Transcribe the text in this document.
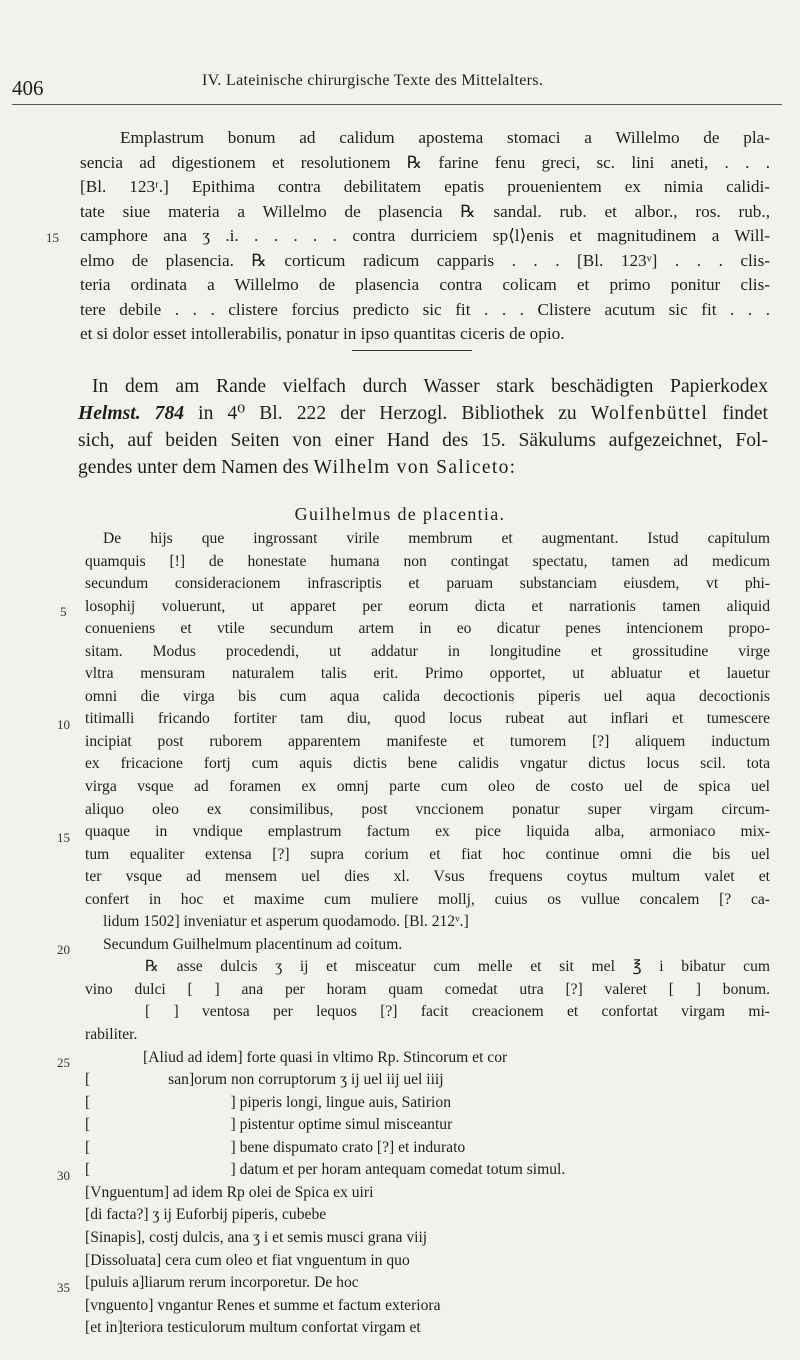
406	IV. Lateinische chirurgische Texte des Mittelalters.
Emplastrum bonum ad calidum apostema stomaci a Willelmo de pla-
sencia ad digestionem et resolutionem ℞ farine fenu greci, sc. lini aneti, . . .
[Bl. 123ʳ.] Epithima contra debilitatem epatis prouenientem ex nimia calidi-
tate siue materia a Willelmo de plasencia ℞ sandal. rub. et albor., ros. rub.,
camphore ana ʒ .i. . . . . . contra durriciem sp⟨l⟩enis et magnitudinem a Will-
elmo de plasencia. ℞ corticum radicum capparis . . . [Bl. 123ᵛ] . . . clis-
teria ordinata a Willelmo de plasencia contra colicam et primo ponitur clis-
tere debile . . . clistere forcius predicto sic fit . . . Clistere acutum sic fit . . .
et si dolor esset intollerabilis, ponatur in ipso quantitas ciceris de opio.
15
In dem am Rande vielfach durch Wasser stark beschädigten Papierkodex
Helmst. 784 in 4⁰ Bl. 222 der Herzogl. Bibliothek zu Wolfenbüttel findet
sich, auf beiden Seiten von einer Hand des 15. Säkulums aufgezeichnet, Fol-
gendes unter dem Namen des Wilhelm von Saliceto:
Guilhelmus de placentia.
De hijs que ingrossant virile membrum et augmentant. Istud capitulum
quamquis [!] de honestate humana non contingat spectatu, tamen ad medicum
secundum consideracionem infrascriptis et paruam substanciam eiusdem, vt phi-
losophij voluerunt, ut apparet per eorum dicta et narrationis tamen aliquid
conueniens et vtile secundum artem in eo dicatur penes intencionem propo-
sitam. Modus procedendi, ut addatur in longitudine et grossitudine virge
vltra mensuram naturalem talis erit. Primo opportet, ut abluatur et lauetur
omni die virga bis cum aqua calida decoctionis piperis uel aqua decoctionis
titimalli fricando fortiter tam diu, quod locus rubeat aut inflari et tumescere
incipiat post ruborem apparentem manifeste et tumorem [?] aliquem inductum
ex fricacione fortj cum aquis dictis bene calidis vngatur dictus locus scil. tota
virga vsque ad foramen ex omnj parte cum oleo de costo uel de spica uel
aliquo oleo ex consimilibus, post vnccionem ponatur super virgam circum-
quaque in vndique emplastrum factum ex pice liquida alba, armoniaco mix-
tum equaliter extensa [?] supra corium et fiat hoc continue omni die bis uel
ter vsque ad mensem uel dies xl. Vsus frequens coytus multum valet et
confert in hoc et maxime cum muliere mollj, cuius os vullue concalem [? ca-
lidum 1502] inveniatur et asperum quodamodo. [Bl. 212ᵛ.]
Secundum Guilhelmum placentinum ad coitum.
℞ asse dulcis ʒ ij et misceatur cum melle et sit mel ℥ i bibatur cum
vino dulci [ ] ana per horam quam comedat utra [?] valeret [ ] bonum.
[ ] ventosa per lequos [?] facit creacionem et confortat virgam mi-
rabiliter.
[Aliud ad idem] forte quasi in vltimo Rp. Stincorum et cor
[                    san]orum non corruptorum ʒ ij uel iij uel iiij
[                                    ] piperis longi, lingue auis, Satirion
[                                    ] pistentur optime simul misceantur
[                                    ] bene dispumato crato [?] et indurato
[                                    ] datum et per horam antequam comedat totum simul.
[Vnguentum] ad idem Rp olei de Spica ex uiri
[di facta?] ʒ ij Euforbij piperis, cubebe
[Sinapis], costj dulcis, ana ʒ i et semis musci grana viij
[Dissoluata] cera cum oleo et fiat vnguentum in quo
[puluis a]liarum rerum incorporetur. De hoc
[vnguento] vngantur Renes et summe et factum exteriora
[et in]teriora testiculorum multum confortat virgam et
5
10
15
20
25
30
35
